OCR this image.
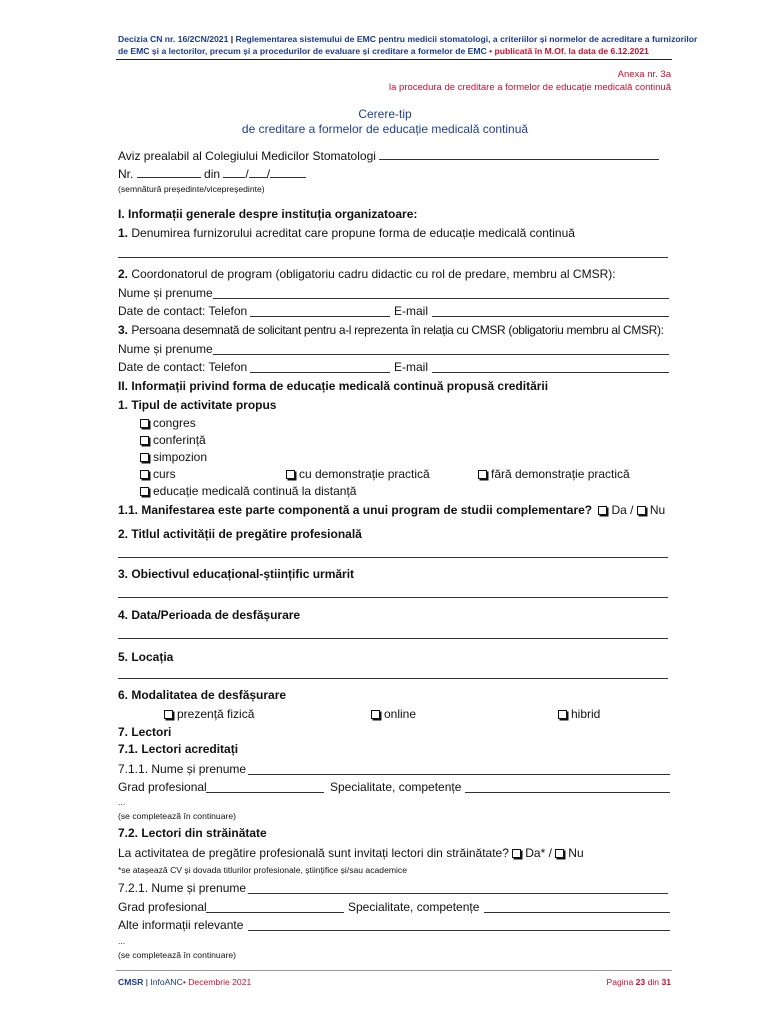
Decizia CN nr. 16/2CN/2021 | Reglementarea sistemului de EMC pentru medicii stomatologi, a criteriilor și normelor de acreditare a furnizorilor
de EMC și a lectorilor, precum și a procedurilor de evaluare și creditare a formelor de EMC • publicată în M.Of. la data de 6.12.2021
Anexa nr. 3a
la procedura de creditare a formelor de educație medicală continuă
Cerere-tip
de creditare a formelor de educație medicală continuă
Aviz prealabil al Colegiului Medicilor Stomatologi
Nr.	din / /
(semnătură președinte/vicepreședinte)
I. Informații generale despre instituția organizatoare:
1. Denumirea furnizorului acreditat care propune forma de educație medicală continuă
2. Coordonatorul de program (obligatoriu cadru didactic cu rol de predare, membru al CMSR):
Nume și prenume
Date de contact: Telefon	E-mail
3. Persoana desemnată de solicitant pentru a-l reprezenta în relația cu CMSR (obligatoriu membru al CMSR):
Nume și prenume
Date de contact: Telefon	E-mail
II. Informații privind forma de educație medicală continuă propusă creditării
1. Tipul de activitate propus
congres
conferință
simpozion
curs	cu demonstrație practică	fără demonstrație practică
educație medicală continuă la distanță
1.1. Manifestarea este parte componentă a unui program de studii complementare? Da / Nu
2. Titlul activității de pregătire profesională
3. Obiectivul educațional-științific urmărit
4. Data/Perioada de desfășurare
5. Locația
6. Modalitatea de desfășurare
prezență fizică	online	hibrid
7. Lectori
7.1. Lectori acreditați
7.1.1. Nume și prenume
Grad profesional	Specialitate, competențe
...
(se completează în continuare)
7.2. Lectori din străinătate
La activitatea de pregătire profesională sunt invitați lectori din străinătate? Da* / Nu
*se atașează CV și dovada titlurilor profesionale, științifice și/sau academice
7.2.1. Nume și prenume
Grad profesional	Specialitate, competențe
Alte informații relevante
...
(se completează în continuare)
CMSR | InfoANC• Decembrie 2021	Pagina 23 din 31
